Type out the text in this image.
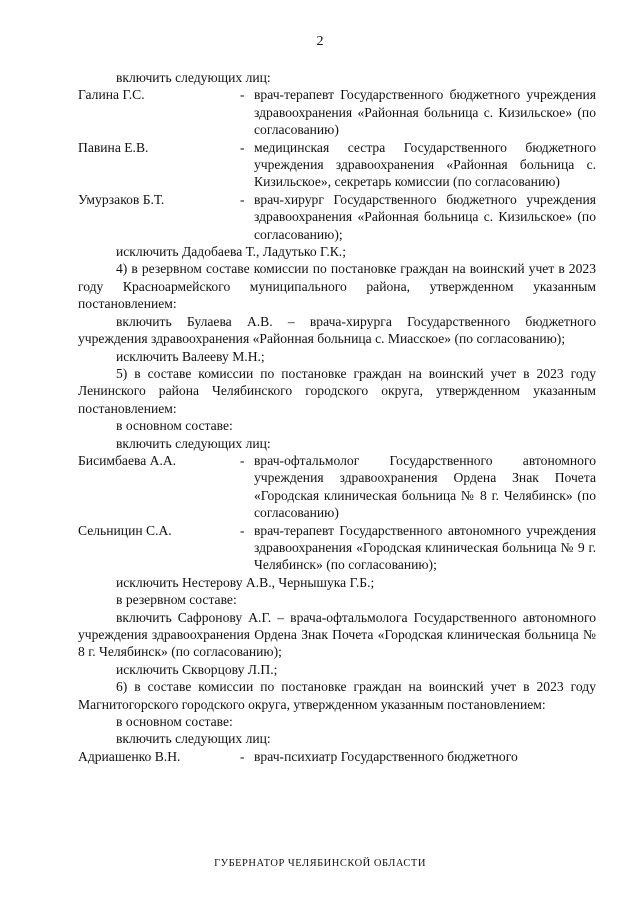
2

включить следующих лиц:

Галина Г.С.	- врач-терапевт Государственного бюджетного учреждения здравоохранения «Районная больница с. Кизильское» (по согласованию)
Павина Е.В.	- медицинская сестра Государственного бюджетного учреждения здравоохранения «Районная больница с. Кизильское», секретарь комиссии (по согласованию)
Умурзаков Б.Т.	- врач-хирург Государственного бюджетного учреждения здравоохранения «Районная больница с. Кизильское» (по согласованию);

исключить Дадобаева Т., Ладутько Г.К.;

4) в резервном составе комиссии по постановке граждан на воинский учет в 2023 году Красноармейского муниципального района, утвержденном указанным постановлением:

включить Булаева А.В. – врача-хирурга Государственного бюджетного учреждения здравоохранения «Районная больница с. Миасское» (по согласованию);

исключить Валееву М.Н.;

5) в составе комиссии по постановке граждан на воинский учет в 2023 году Ленинского района Челябинского городского округа, утвержденном указанным постановлением:

в основном составе:

включить следующих лиц:

Бисимбаева А.А.	- врач-офтальмолог Государственного автономного учреждения здравоохранения Ордена Знак Почета «Городская клиническая больница № 8 г. Челябинск» (по согласованию)
Сельницин С.А.	- врач-терапевт Государственного автономного учреждения здравоохранения «Городская клиническая больница № 9 г. Челябинск» (по согласованию);

исключить Нестерову А.В., Чернышука Г.Б.;

в резервном составе:

включить Сафронову А.Г. – врача-офтальмолога Государственного автономного учреждения здравоохранения Ордена Знак Почета «Городская клиническая больница № 8 г. Челябинск» (по согласованию);

исключить Скворцову Л.П.;

6) в составе комиссии по постановке граждан на воинский учет в 2023 году Магнитогорского городского округа, утвержденном указанным постановлением:

в основном составе:

включить следующих лиц:

Адриашенко В.Н.	- врач-психиатр Государственного бюджетного
ГУБЕРНАТОР ЧЕЛЯБИНСКОЙ ОБЛАСТИ
